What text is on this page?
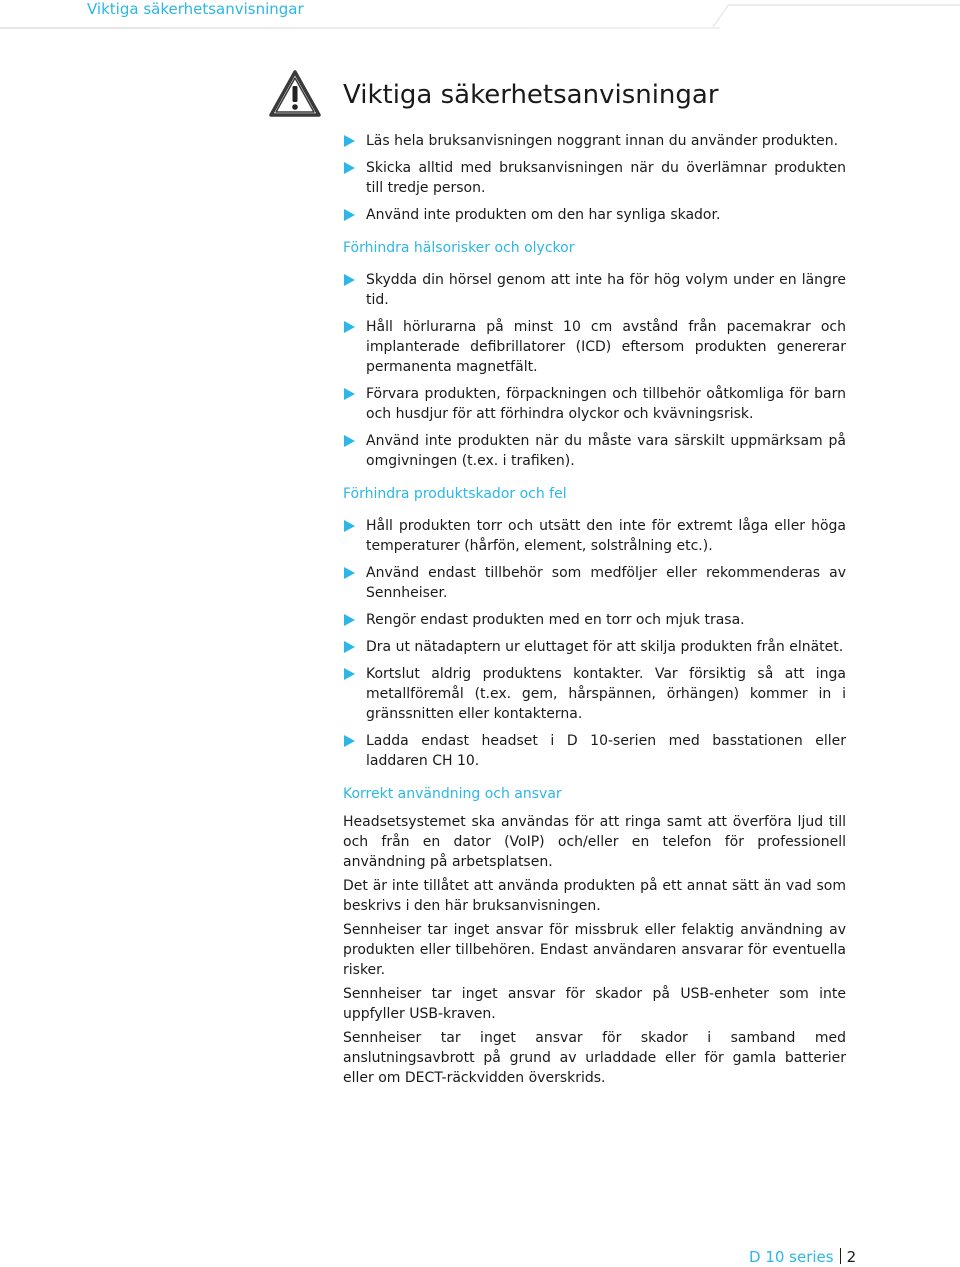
Viktiga säkerhetsanvisningar
Viktiga säkerhetsanvisningar

Läs hela bruksanvisningen noggrant innan du använder produkten.

Skicka alltid med bruksanvisningen när du överlämnar produkten till tredje person.

Använd inte produkten om den har synliga skador.

Förhindra hälsorisker och olyckor

Skydda din hörsel genom att inte ha för hög volym under en längre tid.

Håll hörlurarna på minst 10 cm avstånd från pacemakrar och implanterade defibrillatorer (ICD) eftersom produkten genererar permanenta magnetfält.

Förvara produkten, förpackningen och tillbehör oåtkomliga för barn och husdjur för att förhindra olyckor och kvävningsrisk.

Använd inte produkten när du måste vara särskilt uppmärksam på omgivningen (t.ex. i trafiken).

Förhindra produktskador och fel

Håll produkten torr och utsätt den inte för extremt låga eller höga temperaturer (hårfön, element, solstrålning etc.).

Använd endast tillbehör som medföljer eller rekommenderas av Sennheiser.

Rengör endast produkten med en torr och mjuk trasa.

Dra ut nätadaptern ur eluttaget för att skilja produkten från elnätet.

Kortslut aldrig produktens kontakter. Var försiktig så att inga metallföremål (t.ex. gem, hårspännen, örhängen) kommer in i gränssnitten eller kontakterna.

Ladda endast headset i D 10-serien med basstationen eller laddaren CH 10.

Korrekt användning och ansvar

Headsetsystemet ska användas för att ringa samt att överföra ljud till och från en dator (VoIP) och/eller en telefon för professionell användning på arbetsplatsen.

Det är inte tillåtet att använda produkten på ett annat sätt än vad som beskrivs i den här bruksanvisningen.

Sennheiser tar inget ansvar för missbruk eller felaktig användning av produkten eller tillbehören. Endast användaren ansvarar för eventuella risker.

Sennheiser tar inget ansvar för skador på USB-enheter som inte uppfyller USB-kraven.

Sennheiser tar inget ansvar för skador i samband med anslutningsavbrott på grund av urladdade eller för gamla batterier eller om DECT-räckvidden överskrids.

D 10 series 2
